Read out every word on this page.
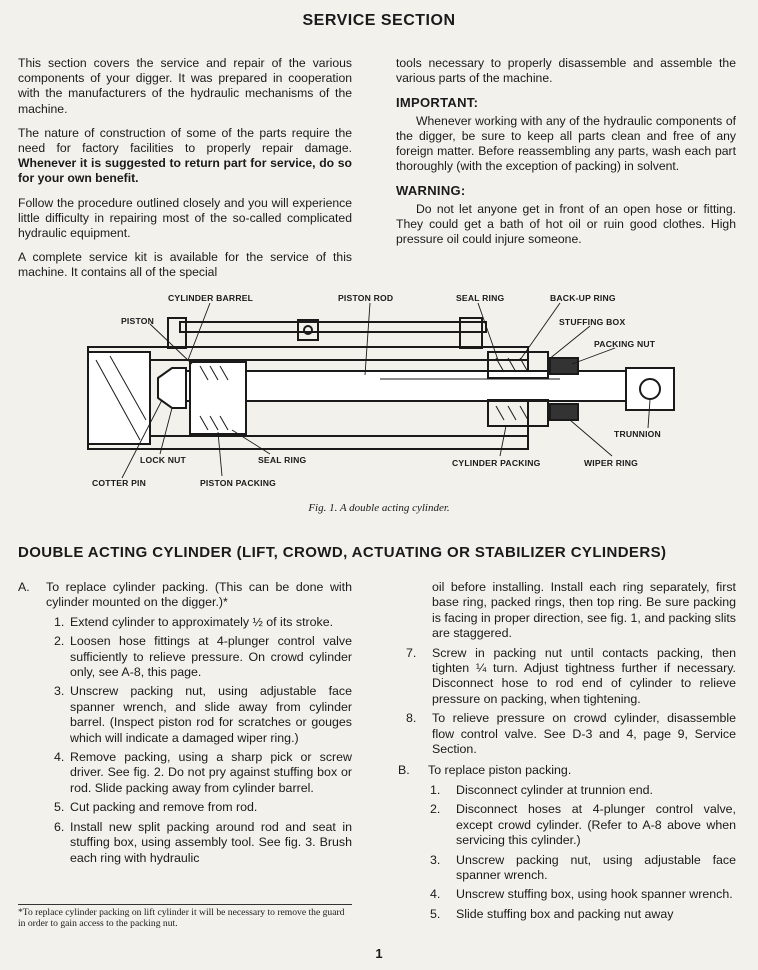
SERVICE SECTION

This section covers the service and repair of the various components of your digger. It was prepared in cooperation with the manufacturers of the hydraulic mechanisms of the machine.

The nature of construction of some of the parts require the need for factory facilities to properly repair damage. Whenever it is suggested to return part for service, do so for your own benefit.

Follow the procedure outlined closely and you will experience little difficulty in repairing most of the so-called complicated hydraulic equipment.

A complete service kit is available for the service of this machine. It contains all of the special

tools necessary to properly disassemble and assemble the various parts of the machine.

IMPORTANT:

Whenever working with any of the hydraulic components of the digger, be sure to keep all parts clean and free of any foreign matter. Before reassembling any parts, wash each part thoroughly (with the exception of packing) in solvent.

WARNING:

Do not let anyone get in front of an open hose or fitting. They could get a bath of hot oil or ruin good clothes. High pressure oil could injure someone.

CYLINDER BARREL	PISTON ROD	SEAL RING	BACK-UP RING
STUFFING BOX
PISTON
PACKING NUT
TRUNNION
LOCK NUT	SEAL RING	CYLINDER PACKING	WIPER RING
COTTER PIN	PISTON PACKING
Fig. 1. A double acting cylinder.
DOUBLE ACTING CYLINDER (LIFT, CROWD, ACTUATING OR STABILIZER CYLINDERS)
A.	To replace cylinder packing. (This can be done with cylinder mounted on the digger.)*
1. Extend cylinder to approximately ½ of its stroke.
2. Loosen hose fittings at 4-plunger control valve sufficiently to relieve pressure. On crowd cylinder only, see A-8, this page.
3. Unscrew packing nut, using adjustable face spanner wrench, and slide away from cylinder barrel. (Inspect piston rod for scratches or gouges which will indicate a damaged wiper ring.)
4. Remove packing, using a sharp pick or screw driver. See fig. 2. Do not pry against stuffing box or rod. Slide packing away from cylinder barrel.
5. Cut packing and remove from rod.
6. Install new split packing around rod and seat in stuffing box, using assembly tool. See fig. 3. Brush each ring with hydraulic
oil before installing. Install each ring separately, first base ring, packed rings, then top ring. Be sure packing is facing in proper direction, see fig. 1, and packing slits are staggered.
7.	Screw in packing nut until contacts packing, then tighten ¼ turn. Adjust tightness further if necessary. Disconnect hose to rod end of cylinder to relieve pressure on packing, when tightening.
8.	To relieve pressure on crowd cylinder, disassemble flow control valve. See D-3 and 4, page 9, Service Section.
B.	To replace piston packing.
1.	Disconnect cylinder at trunnion end.
2.	Disconnect hoses at 4-plunger control valve, except crowd cylinder. (Refer to A-8 above when servicing this cylinder.)
3.	Unscrew packing nut, using adjustable face spanner wrench.
4.	Unscrew stuffing box, using hook spanner wrench.
5.	Slide stuffing box and packing nut away
*To replace cylinder packing on lift cylinder it will be necessary to remove the guard in order to gain access to the packing nut.
1
